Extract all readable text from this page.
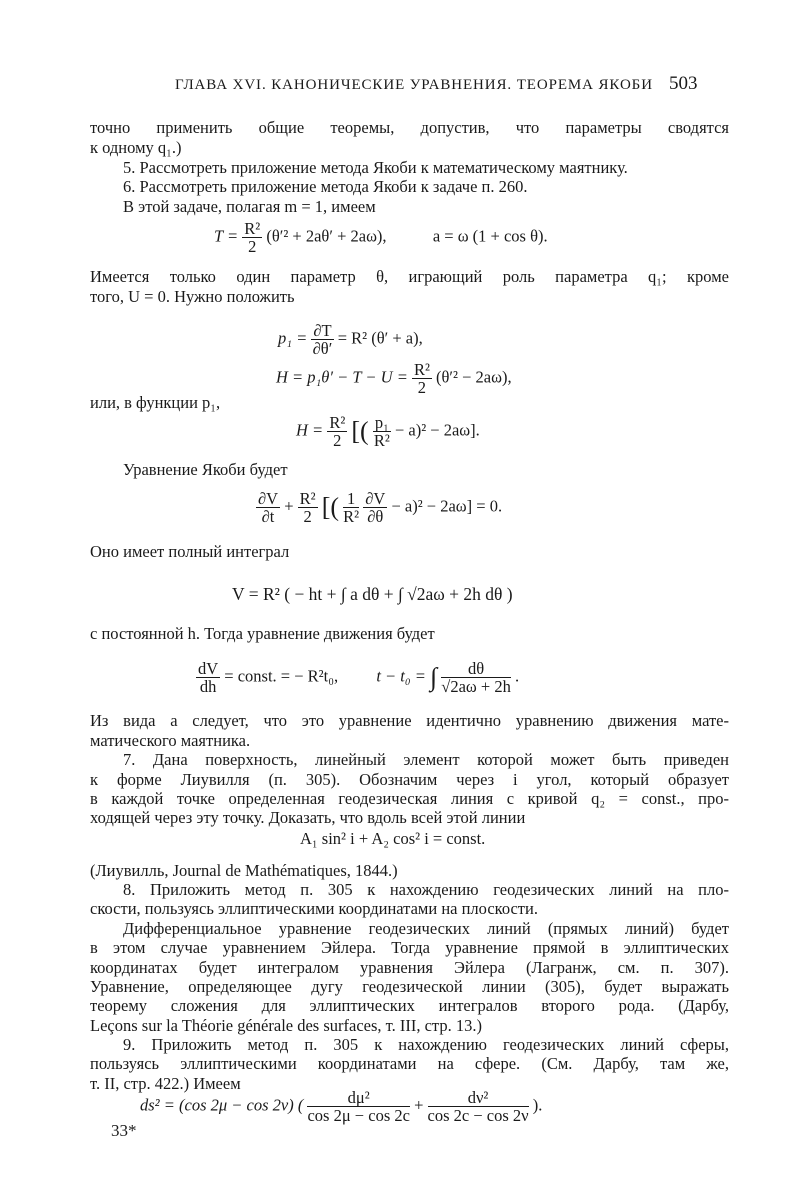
ГЛАВА XVI. КАНОНИЧЕСКИЕ УРАВНЕНИЯ. ТЕОРЕМА ЯКОБИ 503
точно применить общие теоремы, допустив, что параметры сводятся
к одному q₁.)
5. Рассмотреть приложение метода Якоби к математическому маятнику.
6. Рассмотреть приложение метода Якоби к задаче п. 260.
В этой задаче, полагая m = 1, имеем
$T = \frac{\text{R²}}{2} (\theta'^2 + 2a\theta' + 2a\omega)$,	a = ω (1 + cos θ).
Имеется только один параметр θ, играющий роль параметра q₁; кроме
того, U = 0. Нужно положить
$p_1 = \frac{\partial T}{\partial\theta'} = R^2$ (θ′ + a),
$H = p_1\theta' - T - U = \frac{\text{R²}}{2} (\theta'^2 - 2a\omega)$,
или, в функции p₁,
$H = \frac{\text{R²}}{2}$ [( $\frac{\text{p₁}}{\text{R²}} - a)^2 - 2a\omega$].
Уравнение Якоби будет
$\frac{\partial V}{\partial t} + \frac{\text{R²}}{2}$ [( $\frac{1}{\text{R²}}$
$\frac{\partial V}{\partial\theta} - a)^2 - 2a\omega] = 0$.
Оно имеет полный интеграл
V = R² ( − ht + ∫ a dθ + ∫ √2aω + 2h dθ )
с постоянной h. Тогда уравнение движения будет
$\frac{dV}{dh}$ = const. = − R²t₀, t − t₀ = ∫ $\frac{d\theta}{√2a\omega + 2h}$ .
Из вида a следует, что это уравнение идентично уравнению движения мате-
матического маятника.
7. Дана поверхность, линейный элемент которой может быть приведен
к форме Лиувилля (п. 305). Обозначим через i угол, который образует
в каждой точке определенная геодезическая линия с кривой q₂ = const., про-
ходящей через эту точку. Доказать, что вдоль всей этой линии
A₁ sin² i + A₂ cos² i = const.
(Лиувилль, Journal de Mathématiques, 1844.)
8. Приложить метод п. 305 к нахождению геодезических линий на пло-
скости, пользуясь эллиптическими координатами на плоскости.
Дифференциальное уравнение геодезических линий (прямых линий) будет
в этом случае уравнением Эйлера. Тогда уравнение прямой в эллиптических
координатах будет интегралом уравнения Эйлера (Лагранж, см. п. 307).
Уравнение, определяющее дугу геодезической линии (305), будет выражать
теорему сложения для эллиптических интегралов второго рода. (Дарбу,
Leçons sur la Théorie générale des surfaces, т. III, стр. 13.)
9. Приложить метод п. 305 к нахождению геодезических линий сферы,
пользуясь эллиптическими координатами на сфере. (См. Дарбу, там же,
т. II, стр. 422.) Имеем
ds² = (cos 2μ − cos 2ν) ( $\frac{\text{dμ²}}{\cos 2\mu - \cos 2c} + \frac{\text{dν²}}{\cos 2c - \cos 2\nu}$ ).
33*
